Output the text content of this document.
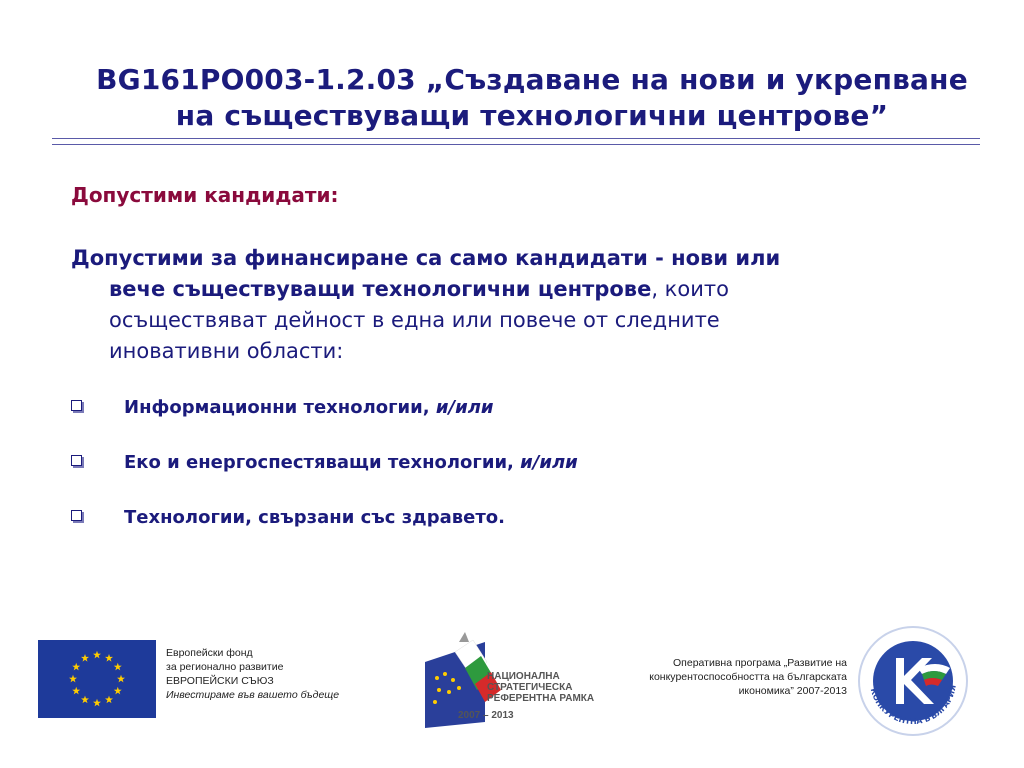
BG161PO003-1.2.03 „Създаване на нови и укрепване
на съществуващи технологични центрове”
Допустими кандидати:
Допустими за финансиране са само кандидати - нови или
вече съществуващи технологични центрове, които
осъществяват дейност в една или повече от следните
иновативни области:
Информационни технологии, и/или
Еко и енергоспестяващи технологии, и/или
Технологии, свързани със здравето.
Европейски фонд
за регионално развитие
ЕВРОПЕЙСКИ СЪЮЗ
Инвестираме във вашето бъдеще
НАЦИОНАЛНА
СТРАТЕГИЧЕСКА
РЕФЕРЕНТНА РАМКА
2007 – 2013
Оперативна програма „Развитие на
конкурентоспособността на българската
икономика” 2007-2013	КОНКУРЕНТНА БЪЛГАРИЯ
